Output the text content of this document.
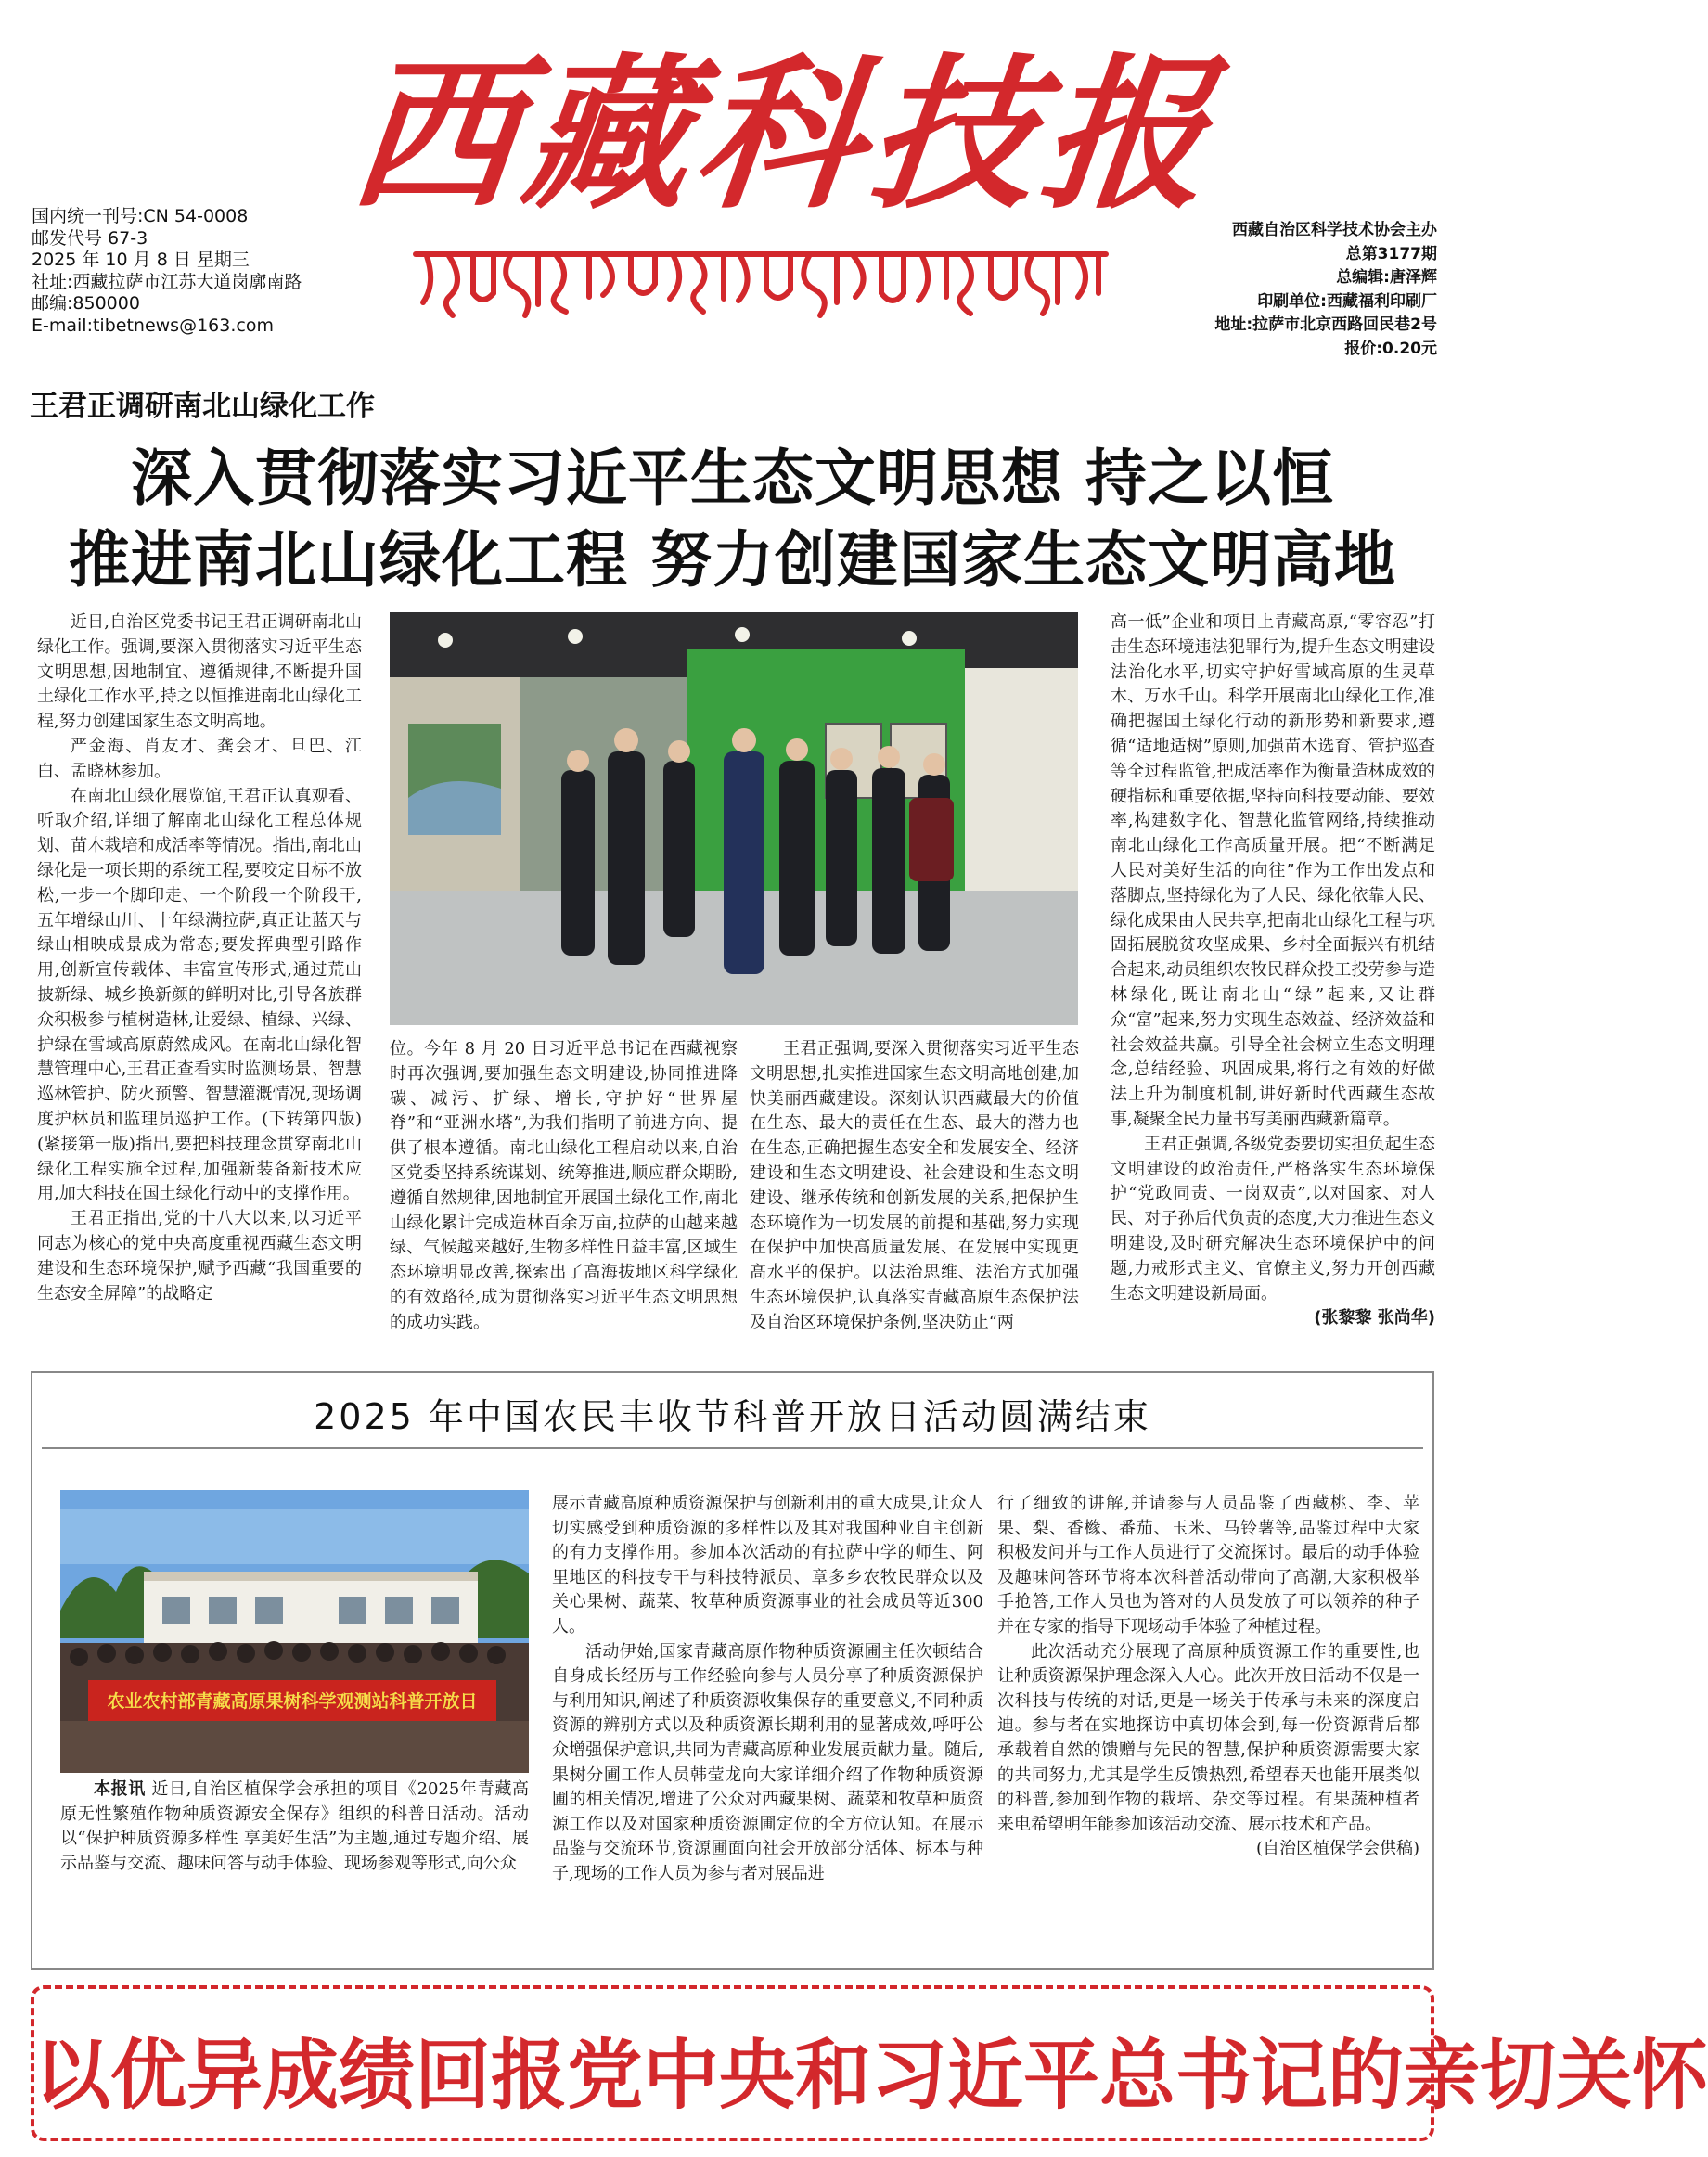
西藏科技报
国内统一刊号:CN 54-0008
邮发代号 67-3
2025 年 10 月 8 日 星期三
社址:西藏拉萨市江苏大道岗廓南路
邮编:850000
E-mail:tibetnews@163.com
西藏自治区科学技术协会主办
总第3177期
总编辑:唐泽辉
印刷单位:西藏福利印刷厂
地址:拉萨市北京西路回民巷2号
报价:0.20元
王君正调研南北山绿化工作
深入贯彻落实习近平生态文明思想 持之以恒
推进南北山绿化工程 努力创建国家生态文明高地

近日,自治区党委书记王君正调研南北山绿化工作。强调,要深入贯彻落实习近平生态文明思想,因地制宜、遵循规律,不断提升国土绿化工作水平,持之以恒推进南北山绿化工程,努力创建国家生态文明高地。

严金海、肖友才、龚会才、旦巴、江白、孟晓林参加。

在南北山绿化展览馆,王君正认真观看、听取介绍,详细了解南北山绿化工程总体规划、苗木栽培和成活率等情况。指出,南北山绿化是一项长期的系统工程,要咬定目标不放松,一步一个脚印走、一个阶段一个阶段干,五年增绿山川、十年绿满拉萨,真正让蓝天与绿山相映成景成为常态;要发挥典型引路作用,创新宣传载体、丰富宣传形式,通过荒山披新绿、城乡换新颜的鲜明对比,引导各族群众积极参与植树造林,让爱绿、植绿、兴绿、护绿在雪域高原蔚然成风。在南北山绿化智慧管理中心,王君正查看实时监测场景、智慧巡林管护、防火预警、智慧灌溉情况,现场调度护林员和监理员巡护工作。(下转第四版)(紧接第一版)指出,要把科技理念贯穿南北山绿化工程实施全过程,加强新装备新技术应用,加大科技在国土绿化行动中的支撑作用。

王君正指出,党的十八大以来,以习近平同志为核心的党中央高度重视西藏生态文明建设和生态环境保护,赋予西藏“我国重要的生态安全屏障”的战略定

位。今年 8 月 20 日习近平总书记在西藏视察时再次强调,要加强生态文明建设,协同推进降碳、减污、扩绿、增长,守护好“世界屋脊”和“亚洲水塔”,为我们指明了前进方向、提供了根本遵循。南北山绿化工程启动以来,自治区党委坚持系统谋划、统筹推进,顺应群众期盼,遵循自然规律,因地制宜开展国土绿化工作,南北山绿化累计完成造林百余万亩,拉萨的山越来越绿、气候越来越好,生物多样性日益丰富,区域生态环境明显改善,探索出了高海拔地区科学绿化的有效路径,成为贯彻落实习近平生态文明思想的成功实践。

王君正强调,要深入贯彻落实习近平生态文明思想,扎实推进国家生态文明高地创建,加快美丽西藏建设。深刻认识西藏最大的价值在生态、最大的责任在生态、最大的潜力也在生态,正确把握生态安全和发展安全、经济建设和生态文明建设、社会建设和生态文明建设、继承传统和创新发展的关系,把保护生态环境作为一切发展的前提和基础,努力实现在保护中加快高质量发展、在发展中实现更高水平的保护。以法治思维、法治方式加强生态环境保护,认真落实青藏高原生态保护法及自治区环境保护条例,坚决防止“两

高一低”企业和项目上青藏高原,“零容忍”打击生态环境违法犯罪行为,提升生态文明建设法治化水平,切实守护好雪域高原的生灵草木、万水千山。科学开展南北山绿化工作,准确把握国土绿化行动的新形势和新要求,遵循“适地适树”原则,加强苗木选育、管护巡查等全过程监管,把成活率作为衡量造林成效的硬指标和重要依据,坚持向科技要动能、要效率,构建数字化、智慧化监管网络,持续推动南北山绿化工作高质量开展。把“不断满足人民对美好生活的向往”作为工作出发点和落脚点,坚持绿化为了人民、绿化依靠人民、绿化成果由人民共享,把南北山绿化工程与巩固拓展脱贫攻坚成果、乡村全面振兴有机结合起来,动员组织农牧民群众投工投劳参与造林绿化,既让南北山“绿”起来,又让群众“富”起来,努力实现生态效益、经济效益和社会效益共赢。引导全社会树立生态文明理念,总结经验、巩固成果,将行之有效的好做法上升为制度机制,讲好新时代西藏生态故事,凝聚全民力量书写美丽西藏新篇章。

王君正强调,各级党委要切实担负起生态文明建设的政治责任,严格落实生态环境保护“党政同责、一岗双责”,以对国家、对人民、对子孙后代负责的态度,大力推进生态文明建设,及时研究解决生态环境保护中的问题,力戒形式主义、官僚主义,努力开创西藏生态文明建设新局面。

(张黎黎 张尚华)

2025 年中国农民丰收节科普开放日活动圆满结束
农业农村部青藏高原果树科学观测站科普开放日

本报讯 近日,自治区植保学会承担的项目《2025年青藏高原无性繁殖作物种质资源安全保存》组织的科普日活动。活动以“保护种质资源多样性 享美好生活”为主题,通过专题介绍、展示品鉴与交流、趣味问答与动手体验、现场参观等形式,向公众

展示青藏高原种质资源保护与创新利用的重大成果,让众人切实感受到种质资源的多样性以及其对我国种业自主创新的有力支撑作用。参加本次活动的有拉萨中学的师生、阿里地区的科技专干与科技特派员、章多乡农牧民群众以及关心果树、蔬菜、牧草种质资源事业的社会成员等近300人。

活动伊始,国家青藏高原作物种质资源圃主任次顿结合自身成长经历与工作经验向参与人员分享了种质资源保护与利用知识,阐述了种质资源收集保存的重要意义,不同种质资源的辨别方式以及种质资源长期利用的显著成效,呼吁公众增强保护意识,共同为青藏高原种业发展贡献力量。随后,果树分圃工作人员韩莹龙向大家详细介绍了作物种质资源圃的相关情况,增进了公众对西藏果树、蔬菜和牧草种质资源工作以及对国家种质资源圃定位的全方位认知。在展示品鉴与交流环节,资源圃面向社会开放部分活体、标本与种子,现场的工作人员为参与者对展品进

行了细致的讲解,并请参与人员品鉴了西藏桃、李、苹果、梨、香橼、番茄、玉米、马铃薯等,品鉴过程中大家积极发问并与工作人员进行了交流探讨。最后的动手体验及趣味问答环节将本次科普活动带向了高潮,大家积极举手抢答,工作人员也为答对的人员发放了可以领养的种子并在专家的指导下现场动手体验了种植过程。

此次活动充分展现了高原种质资源工作的重要性,也让种质资源保护理念深入人心。此次开放日活动不仅是一次科技与传统的对话,更是一场关于传承与未来的深度启迪。参与者在实地探访中真切体会到,每一份资源背后都承载着自然的馈赠与先民的智慧,保护种质资源需要大家的共同努力,尤其是学生反馈热烈,希望春天也能开展类似的科普,参加到作物的栽培、杂交等过程。有果蔬种植者来电希望明年能参加该活动交流、展示技术和产品。

(自治区植保学会供稿)

以优异成绩回报党中央和习近平总书记的亲切关怀
